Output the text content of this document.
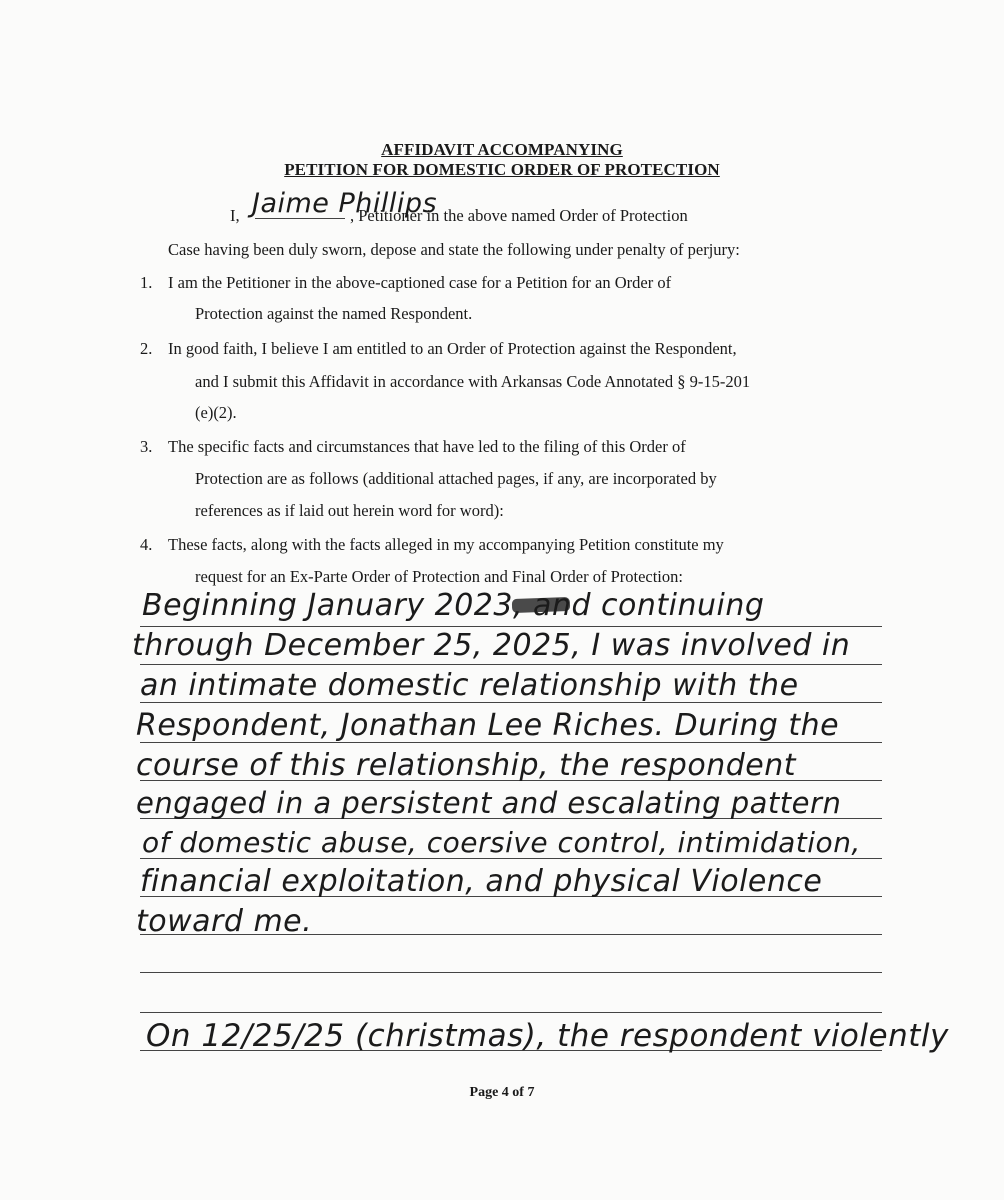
AFFIDAVIT ACCOMPANYING
PETITION FOR DOMESTIC ORDER OF PROTECTION
I, Jaime Phillips
, Petitioner in the above named Order of Protection
Case having been duly sworn, depose and state the following under penalty of perjury:
1. I am the Petitioner in the above-captioned case for a Petition for an Order of
Protection against the named Respondent.
2. In good faith, I believe I am entitled to an Order of Protection against the Respondent,
and I submit this Affidavit in accordance with Arkansas Code Annotated § 9-15-201
(e)(2).
3. The specific facts and circumstances that have led to the filing of this Order of
Protection are as follows (additional attached pages, if any, are incorporated by
references as if laid out herein word for word):
4. These facts, along with the facts alleged in my accompanying Petition constitute my
request for an Ex-Parte Order of Protection and Final Order of Protection:
Beginning January 2023, and continuing
through December 25, 2025, I was involved in
an intimate domestic relationship with the
Respondent, Jonathan Lee Riches. During the
course of this relationship, the respondent
engaged in a persistent and escalating pattern
of domestic abuse, coersive control, intimidation,
financial exploitation, and physical Violence
toward me.
On 12/25/25 (christmas), the respondent violently
Page 4 of 7
